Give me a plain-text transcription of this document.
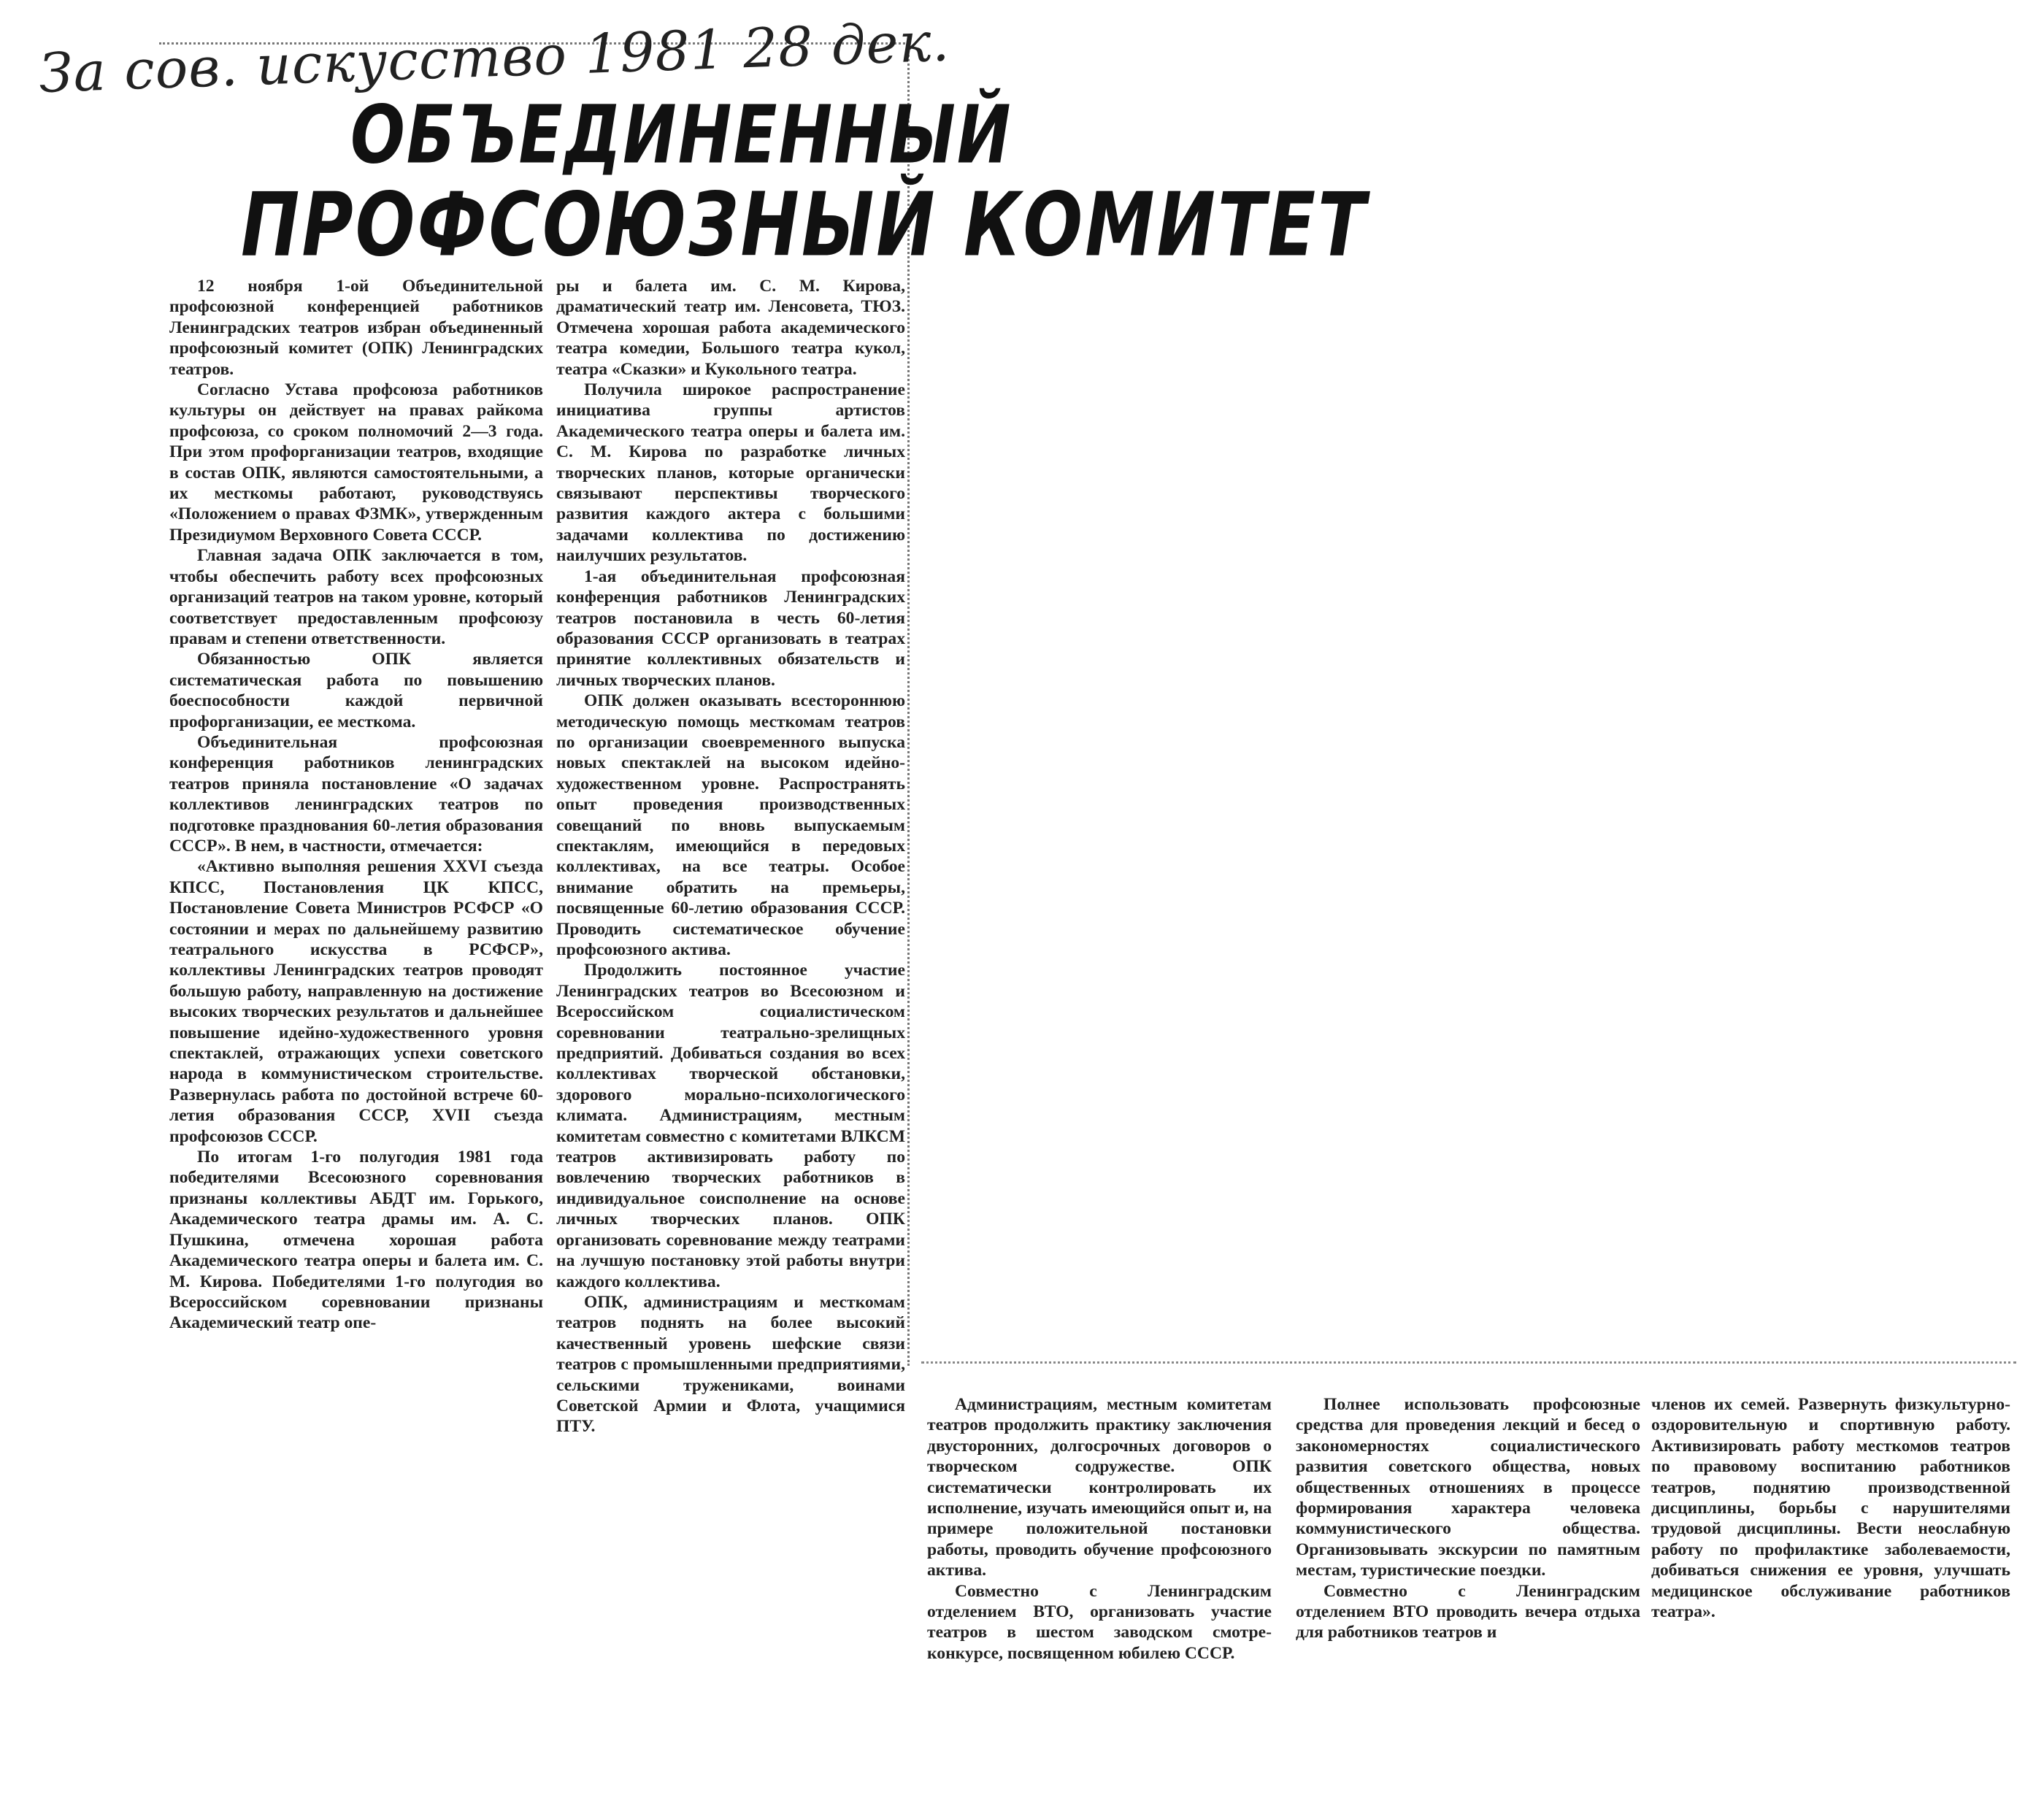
За сов. искусство 1981 28 дек.
ОБЪЕДИНЕННЫЙ
ПРОФСОЮЗНЫЙ КОМИТЕТ

12 ноября 1-ой Объединительной профсоюзной конференцией работников Ленинградских театров избран объединенный профсоюзный комитет (ОПК) Ленинградских театров.

Согласно Устава профсоюза работников культуры он действует на правах райкома профсоюза, со сроком полномочий 2—3 года. При этом профорганизации театров, входящие в состав ОПК, являются самостоятельными, а их месткомы работают, руководствуясь «Положением о правах ФЗМК», утвержденным Президиумом Верховного Совета СССР.

Главная задача ОПК заключается в том, чтобы обеспечить работу всех профсоюзных организаций театров на таком уровне, который соответствует предоставленным профсоюзу правам и степени ответственности.

Обязанностью ОПК является систематическая работа по повышению боеспособности каждой первичной профорганизации, ее месткома.

Объединительная профсоюзная конференция работников ленинградских театров приняла постановление «О задачах коллективов ленинградских театров по подготовке празднования 60-летия образования СССР». В нем, в частности, отмечается:

«Активно выполняя решения XXVI съезда КПСС, Постановления ЦК КПСС, Постановление Совета Министров РСФСР «О состоянии и мерах по дальнейшему развитию театрального искусства в РСФСР», коллективы Ленинградских театров проводят большую работу, направленную на достижение высоких творческих результатов и дальнейшее повышение идейно-художественного уровня спектаклей, отражающих успехи советского народа в коммунистическом строительстве. Развернулась работа по достойной встрече 60-летия образования СССР, XVII съезда профсоюзов СССР.

По итогам 1-го полугодия 1981 года победителями Всесоюзного соревнования признаны коллективы АБДТ им. Горького, Академического театра драмы им. А. С. Пушкина, отмечена хорошая работа Академического театра оперы и балета им. С. М. Кирова. Победителями 1-го полугодия во Всероссийском соревновании признаны Академический театр опе-

ры и балета им. С. М. Кирова, драматический театр им. Ленсовета, ТЮЗ. Отмечена хорошая работа академического театра комедии, Большого театра кукол, театра «Сказки» и Кукольного театра.

Получила широкое распространение инициатива группы артистов Академического театра оперы и балета им. С. М. Кирова по разработке личных творческих планов, которые органически связывают перспективы творческого развития каждого актера с большими задачами коллектива по достижению наилучших результатов.

1-ая объединительная профсоюзная конференция работников Ленинградских театров постановила в честь 60-летия образования СССР организовать в театрах принятие коллективных обязательств и личных творческих планов.

ОПК должен оказывать всестороннюю методическую помощь месткомам театров по организации своевременного выпуска новых спектаклей на высоком идейно-художественном уровне. Распространять опыт проведения производственных совещаний по вновь выпускаемым спектаклям, имеющийся в передовых коллективах, на все театры. Особое внимание обратить на премьеры, посвященные 60-летию образования СССР. Проводить систематическое обучение профсоюзного актива.

Продолжить постоянное участие Ленинградских театров во Всесоюзном и Всероссийском социалистическом соревновании театрально-зрелищных предприятий. Добиваться создания во всех коллективах творческой обстановки, здорового морально-психологического климата. Администрациям, местным комитетам совместно с комитетами ВЛКСМ театров активизировать работу по вовлечению творческих работников в индивидуальное соисполнение на основе личных творческих планов. ОПК организовать соревнование между театрами на лучшую постановку этой работы внутри каждого коллектива.

ОПК, администрациям и месткомам театров поднять на более высокий качественный уровень шефские связи театров с промышленными предприятиями, сельскими тружениками, воинами Советской Армии и Флота, учащимися ПТУ.

Администрациям, местным комитетам театров продолжить практику заключения двусторонних, долгосрочных договоров о творческом содружестве. ОПК систематически контролировать их исполнение, изучать имеющийся опыт и, на примере положительной постановки работы, проводить обучение профсоюзного актива.

Совместно с Ленинградским отделением ВТО, организовать участие театров в шестом заводском смотре-конкурсе, посвященном юбилею СССР.

Полнее использовать профсоюзные средства для проведения лекций и бесед о закономерностях социалистического развития советского общества, новых общественных отношениях в процессе формирования характера человека коммунистического общества. Организовывать экскурсии по памятным местам, туристические поездки.

Совместно с Ленинградским отделением ВТО проводить вечера отдыха для работников театров и

членов их семей. Развернуть физкультурно-оздоровительную и спортивную работу. Активизировать работу месткомов театров по правовому воспитанию работников театров, поднятию производственной дисциплины, борьбы с нарушителями трудовой дисциплины. Вести неослабную работу по профилактике заболеваемости, добиваться снижения ее уровня, улучшать медицинское обслуживание работников театра».
